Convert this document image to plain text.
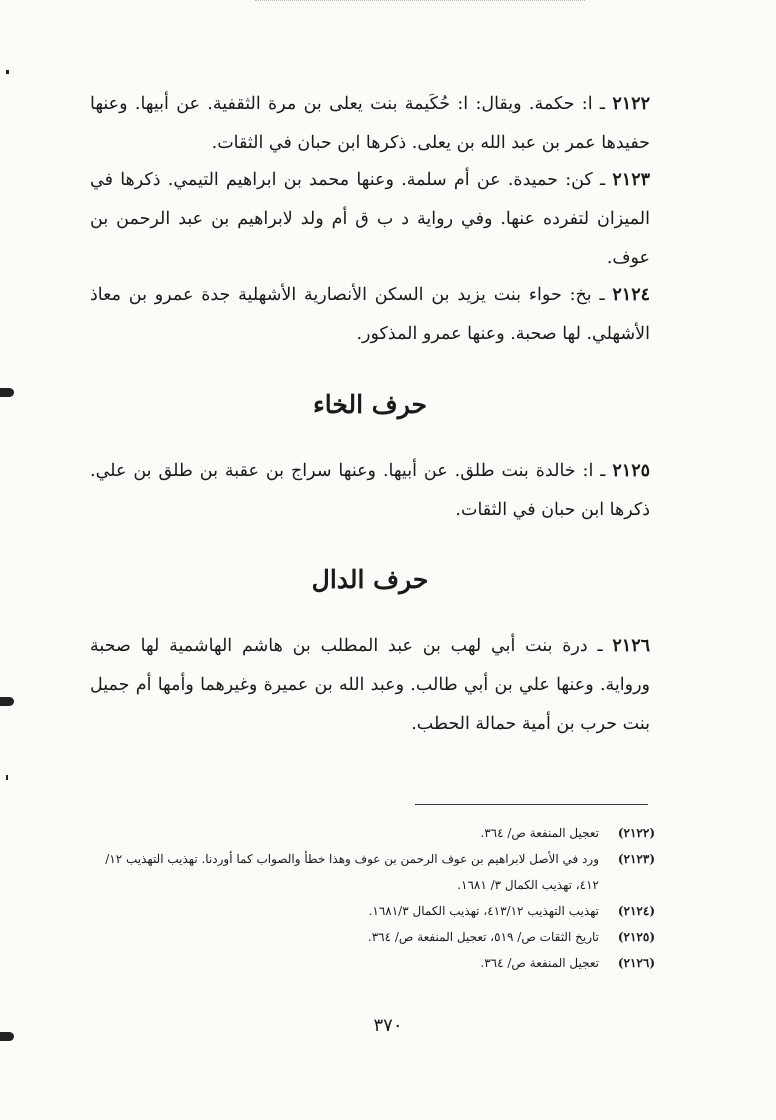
٢١٢٢ ـ ا: حكمة. ويقال: ا: حُكَيمة بنت يعلى بن مرة الثقفية. عن أبيها. وعنها حفيدها عمر بن عبد الله بن يعلى. ذكرها ابن حبان في الثقات.
٢١٢٣ ـ كن: حميدة. عن أم سلمة. وعنها محمد بن ابراهيم التيمي. ذكرها في الميزان لتفرده عنها. وفي رواية د ب ق أم ولد لابراهيم بن عبد الرحمن بن عوف.
٢١٢٤ ـ بخ: حواء بنت يزيد بن السكن الأنصارية الأشهلية جدة عمرو بن معاذ الأشهلي. لها صحبة. وعنها عمرو المذكور.
حرف الخاء
٢١٢٥ ـ ا: خالدة بنت طلق. عن أبيها. وعنها سراج بن عقبة بن طلق بن علي. ذكرها ابن حبان في الثقات.
حرف الدال
٢١٢٦ ـ درة بنت أبي لهب بن عبد المطلب بن هاشم الهاشمية لها صحبة ورواية. وعنها علي بن أبي طالب. وعبد الله بن عميرة وغيرهما وأمها أم جميل بنت حرب بن أمية حمالة الحطب.
(٢١٢٢)
تعجيل المنفعة ص/ ٣٦٤.
(٢١٢٣)
ورد في الأصل لابراهيم بن عوف الرحمن بن عوف وهذا خطأ والصواب كما أوردنا. تهذيب التهذيب ١٢/ ٤١٢، تهذيب الكمال ٣/ ١٦٨١.
(٢١٢٤)
تهذيب التهذيب ٤١٣/١٢، تهذيب الكمال ١٦٨١/٣.
(٢١٢٥)
تاريخ الثقات ص/ ٥١٩، تعجيل المنفعة ص/ ٣٦٤.
(٢١٢٦)
تعجيل المنفعة ص/ ٣٦٤.
٣٧٠
